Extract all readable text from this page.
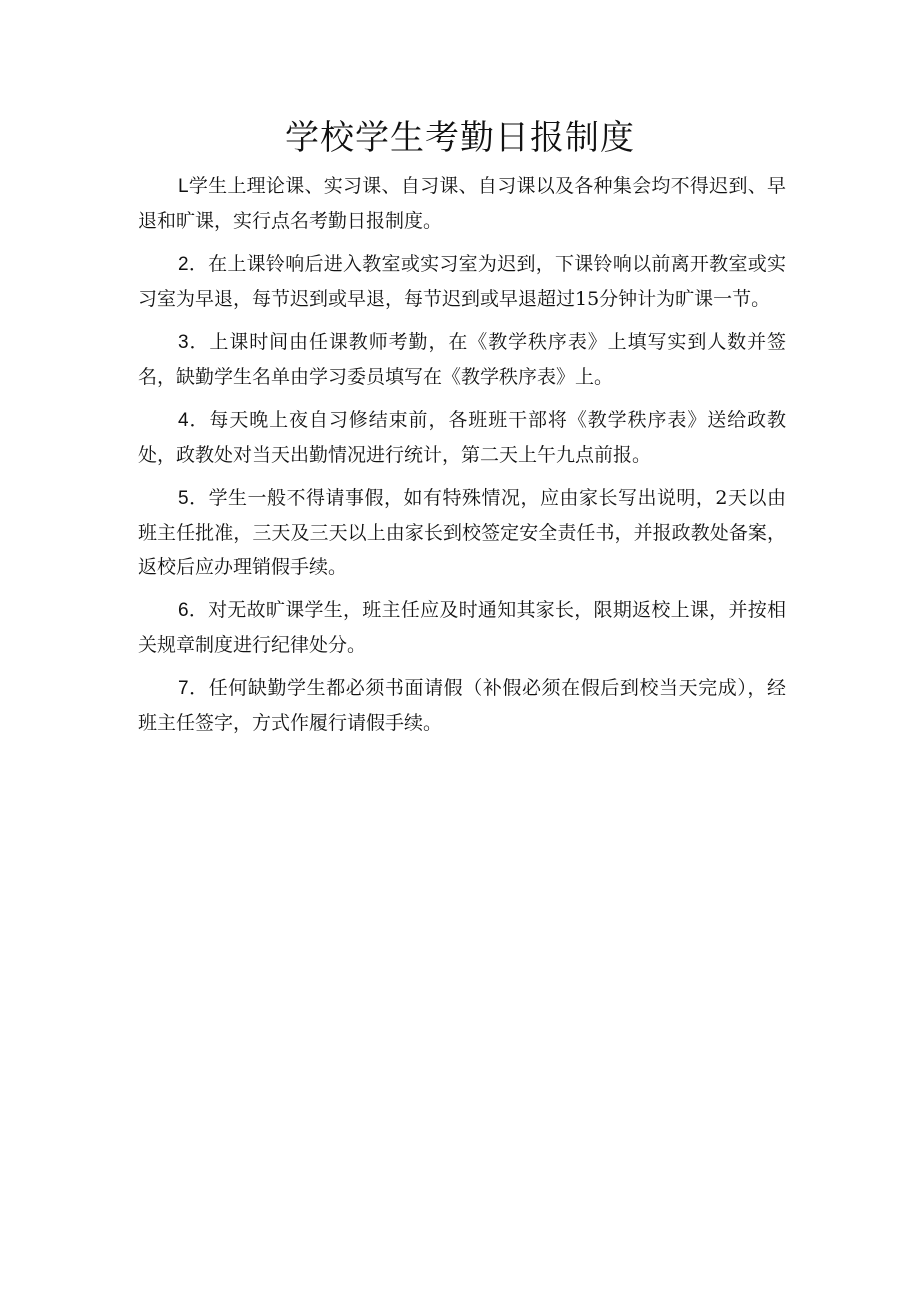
学校学生考勤日报制度

L学生上理论课、实习课、自习课、自习课以及各种集会均不得迟到、早退和旷课，实行点名考勤日报制度。

2．在上课铃响后进入教室或实习室为迟到，下课铃响以前离开教室或实习室为早退，每节迟到或早退，每节迟到或早退超过15分钟计为旷课一节。

3．上课时间由任课教师考勤，在《教学秩序表》上填写实到人数并签名，缺勤学生名单由学习委员填写在《教学秩序表》上。

4．每天晚上夜自习修结束前，各班班干部将《教学秩序表》送给政教处，政教处对当天出勤情况进行统计，第二天上午九点前报。

5．学生一般不得请事假，如有特殊情况，应由家长写出说明，2天以由班主任批准，三天及三天以上由家长到校签定安全责任书，并报政教处备案，返校后应办理销假手续。

6．对无故旷课学生，班主任应及时通知其家长，限期返校上课，并按相关规章制度进行纪律处分。

7．任何缺勤学生都必须书面请假（补假必须在假后到校当天完成），经班主任签字，方式作履行请假手续。
